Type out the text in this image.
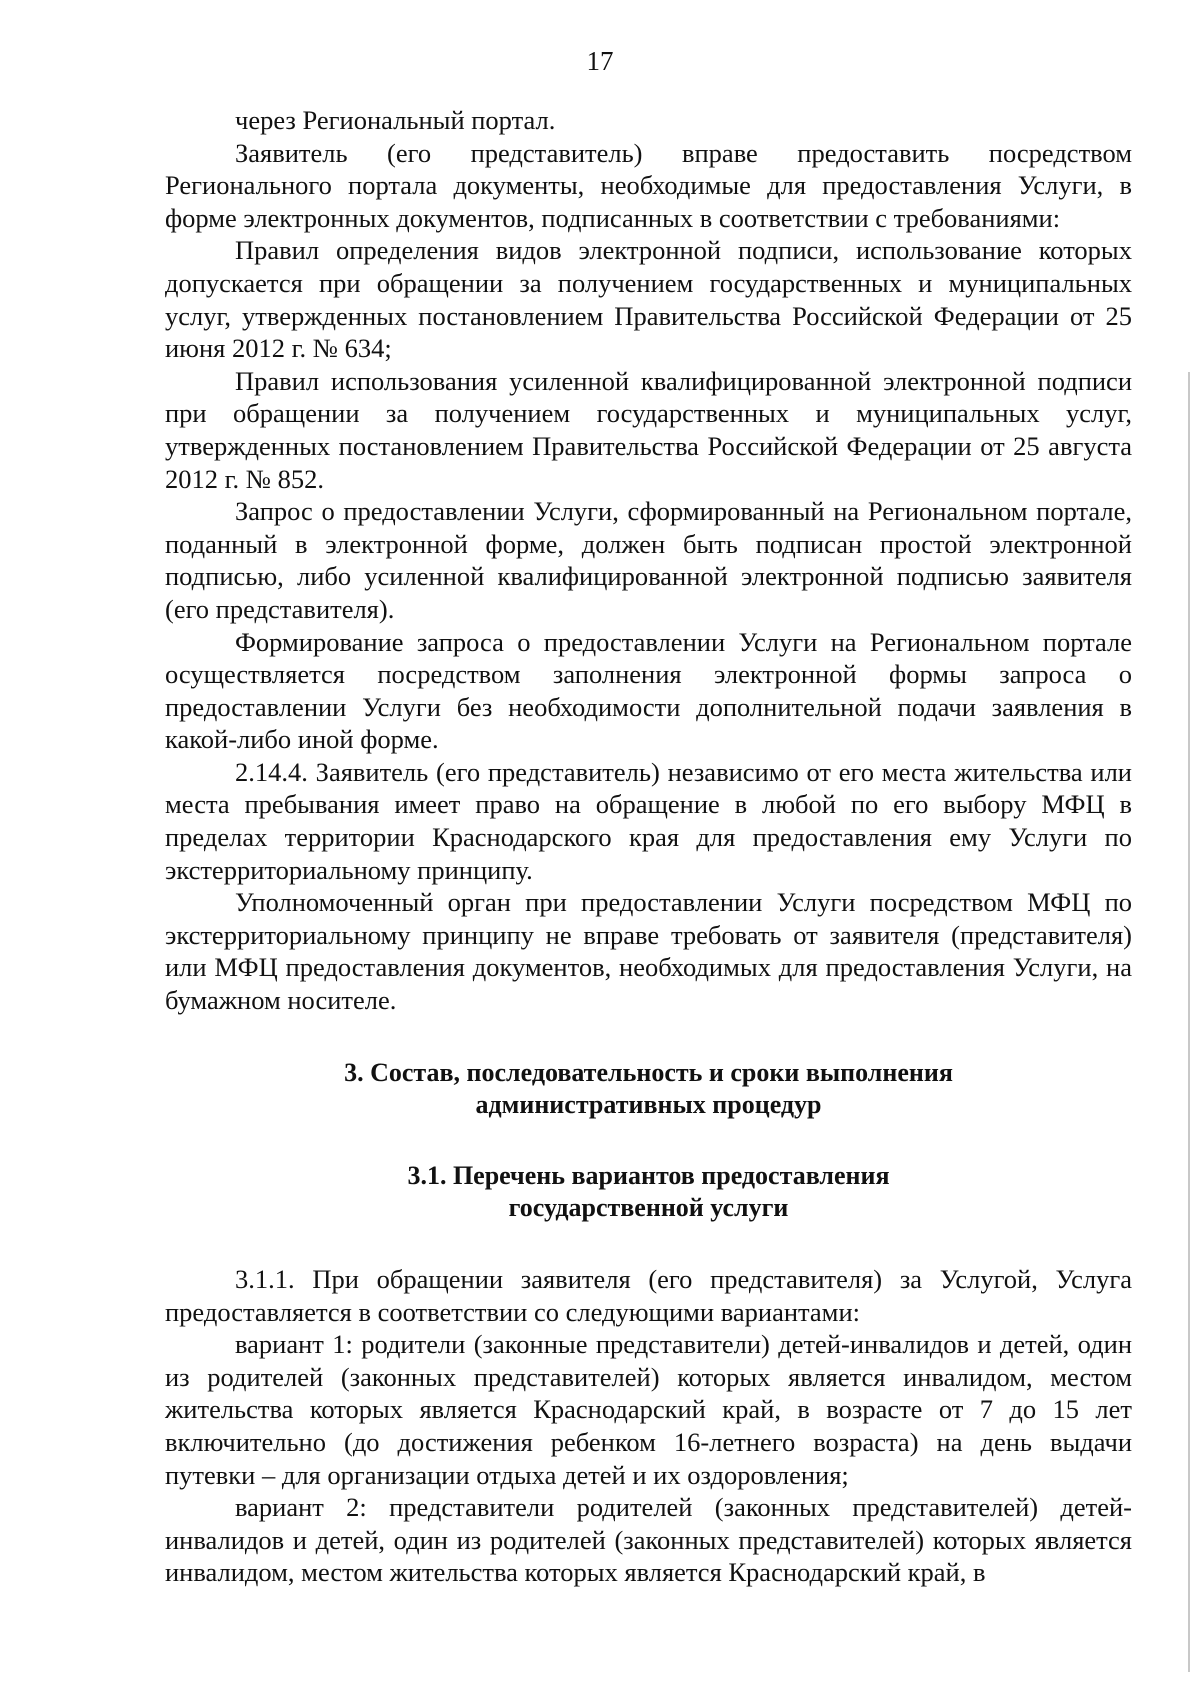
17

через Региональный портал.

Заявитель (его представитель) вправе предоставить посредством Регионального портала документы, необходимые для предоставления Услуги, в форме электронных документов, подписанных в соответствии с требованиями:

Правил определения видов электронной подписи, использование которых допускается при обращении за получением государственных и муниципальных услуг, утвержденных постановлением Правительства Российской Федерации от 25 июня 2012 г. № 634;

Правил использования усиленной квалифицированной электронной подписи при обращении за получением государственных и муниципальных услуг, утвержденных постановлением Правительства Российской Федерации от 25 августа 2012 г. № 852.

Запрос о предоставлении Услуги, сформированный на Региональном портале, поданный в электронной форме, должен быть подписан простой электронной подписью, либо усиленной квалифицированной электронной подписью заявителя (его представителя).

Формирование запроса о предоставлении Услуги на Региональном портале осуществляется посредством заполнения электронной формы запроса о предоставлении Услуги без необходимости дополнительной подачи заявления в какой-либо иной форме.

2.14.4. Заявитель (его представитель) независимо от его места жительства или места пребывания имеет право на обращение в любой по его выбору МФЦ в пределах территории Краснодарского края для предоставления ему Услуги по экстерриториальному принципу.

Уполномоченный орган при предоставлении Услуги посредством МФЦ по экстерриториальному принципу не вправе требовать от заявителя (представителя) или МФЦ предоставления документов, необходимых для предоставления Услуги, на бумажном носителе.

3. Состав, последовательность и сроки выполнения
административных процедур
3.1. Перечень вариантов предоставления
государственной услуги

3.1.1. При обращении заявителя (его представителя) за Услугой, Услуга предоставляется в соответствии со следующими вариантами:

вариант 1: родители (законные представители) детей-инвалидов и детей, один из родителей (законных представителей) которых является инвалидом, местом жительства которых является Краснодарский край, в возрасте от 7 до 15 лет включительно (до достижения ребенком 16-летнего возраста) на день выдачи путевки – для организации отдыха детей и их оздоровления;

вариант 2: представители родителей (законных представителей) детей-инвалидов и детей, один из родителей (законных представителей) которых является инвалидом, местом жительства которых является Краснодарский край, в
